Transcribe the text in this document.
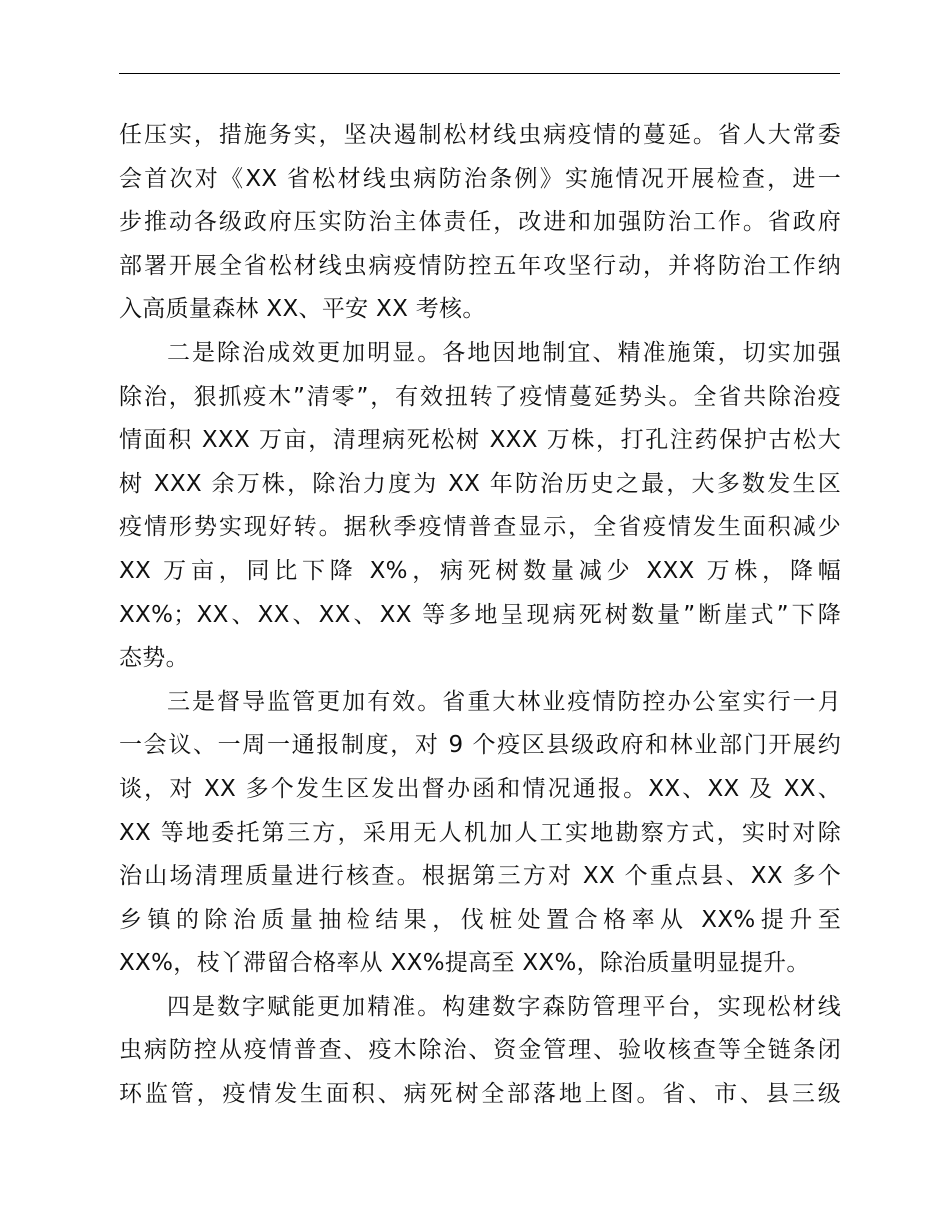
任压实，措施务实，坚决遏制松材线虫病疫情的蔓延。省人大常委
会首次对《XX 省松材线虫病防治条例》实施情况开展检查，进一
步推动各级政府压实防治主体责任，改进和加强防治工作。省政府
部署开展全省松材线虫病疫情防控五年攻坚行动，并将防治工作纳
入高质量森林 XX、平安 XX 考核。
二是除治成效更加明显。各地因地制宜、精准施策，切实加强
除治，狠抓疫木”清零”，有效扭转了疫情蔓延势头。全省共除治疫
情面积 XXX 万亩，清理病死松树 XXX 万株，打孔注药保护古松大
树 XXX 余万株，除治力度为 XX 年防治历史之最，大多数发生区
疫情形势实现好转。据秋季疫情普查显示，全省疫情发生面积减少
XX 万亩，同比下降 X%，病死树数量减少 XXX 万株，降幅
XX%；XX、XX、XX、XX 等多地呈现病死树数量”断崖式”下降
态势。
三是督导监管更加有效。省重大林业疫情防控办公室实行一月
一会议、一周一通报制度，对 9 个疫区县级政府和林业部门开展约
谈，对 XX 多个发生区发出督办函和情况通报。XX、XX 及 XX、
XX 等地委托第三方，采用无人机加人工实地勘察方式，实时对除
治山场清理质量进行核查。根据第三方对 XX 个重点县、XX 多个
乡镇的除治质量抽检结果，伐桩处置合格率从 XX%提升至
XX%，枝丫滞留合格率从 XX%提高至 XX%，除治质量明显提升。
四是数字赋能更加精准。构建数字森防管理平台，实现松材线
虫病防控从疫情普查、疫木除治、资金管理、验收核查等全链条闭
环监管，疫情发生面积、病死树全部落地上图。省、市、县三级
